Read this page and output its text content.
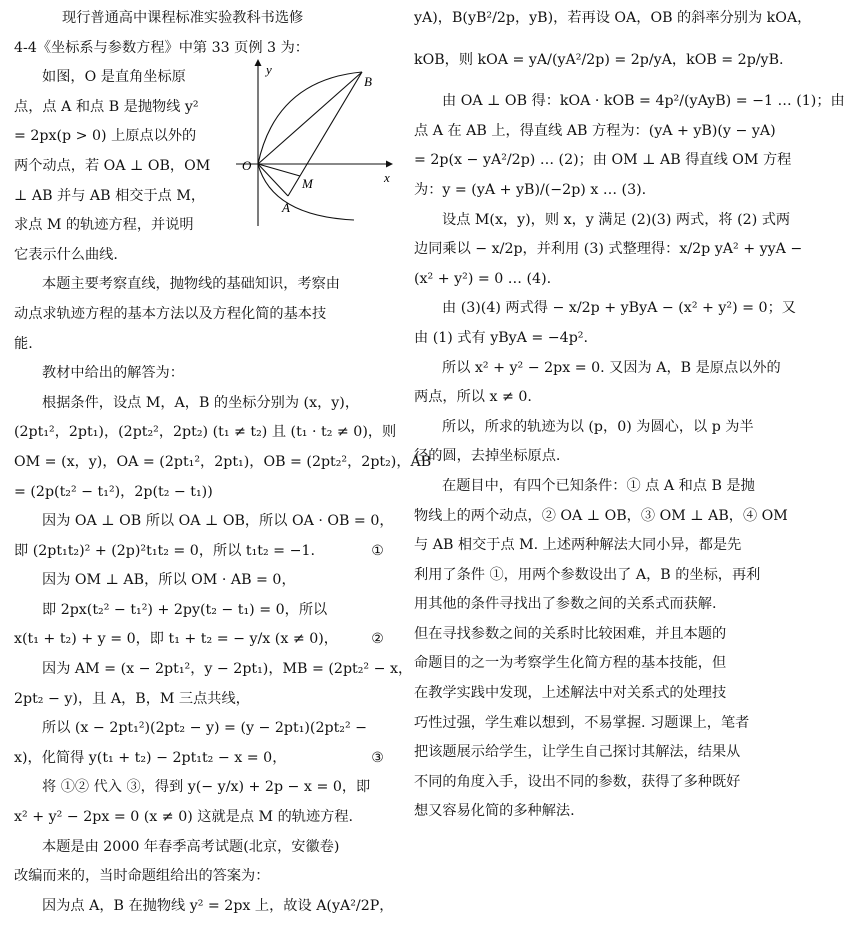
现行普通高中课程标准实验教科书选修

4-4《坐标系与参数方程》中第 33 页例 3 为：

如图，O 是直角坐标原

点，点 A 和点 B 是抛物线 y²

= 2px(p > 0) 上原点以外的

两个动点，若 OA ⊥ OB，OM

⊥ AB 并与 AB 相交于点 M，

求点 M 的轨迹方程，并说明

它表示什么曲线.

本题主要考察直线，抛物线的基础知识，考察由

动点求轨迹方程的基本方法以及方程化简的基本技

能.

教材中给出的解答为：

根据条件，设点 M，A，B 的坐标分别为 (x，y)，

(2pt₁²，2pt₁)，(2pt₂²，2pt₂) (t₁ ≠ t₂) 且 (t₁ · t₂ ≠ 0)，则

OM = (x，y)，OA = (2pt₁²，2pt₁)，OB = (2pt₂²，2pt₂)，AB

= (2p(t₂² − t₁²)，2p(t₂ − t₁))

因为 OA ⊥ OB 所以 OA ⊥ OB，所以 OA · OB = 0，

①
即 (2pt₁t₂)² + (2p)²t₁t₂ = 0，所以 t₁t₂ = −1.

因为 OM ⊥ AB，所以 OM · AB = 0，

即 2px(t₂² − t₁²) + 2py(t₂ − t₁) = 0，所以

②
x(t₁ + t₂) + y = 0，即 t₁ + t₂ = − y/x (x ≠ 0)，

因为 AM = (x − 2pt₁²，y − 2pt₁)，MB = (2pt₂² − x，

2pt₂ − y)，且 A，B，M 三点共线，

所以 (x − 2pt₁²)(2pt₂ − y) = (y − 2pt₁)(2pt₂² −

③
x)，化简得 y(t₁ + t₂) − 2pt₁t₂ − x = 0，

将 ①② 代入 ③，得到 y(− y/x) + 2p − x = 0，即

x² + y² − 2px = 0 (x ≠ 0) 这就是点 M 的轨迹方程.

本题是由 2000 年春季高考试题(北京，安徽卷)

改编而来的，当时命题组给出的答案为：

因为点 A，B 在抛物线 y² = 2px 上，故设 A(yA²/2P，

y
x
O
B
M
A

yA)，B(yB²/2p，yB)，若再设 OA，OB 的斜率分别为 kOA，

kOB，则 kOA = yA/(yA²/2p) = 2p/yA，kOB = 2p/yB.

由 OA ⊥ OB 得：kOA · kOB = 4p²/(yAyB) = −1 … (1)；由

点 A 在 AB 上，得直线 AB 方程为：(yA + yB)(y − yA)

= 2p(x − yA²/2p) … (2)；由 OM ⊥ AB 得直线 OM 方程

为：y = (yA + yB)/(−2p) x … (3).

设点 M(x，y)，则 x，y 满足 (2)(3) 两式，将 (2) 式两

边同乘以 − x/2p，并利用 (3) 式整理得：x/2p yA² + yyA −

(x² + y²) = 0 … (4).

由 (3)(4) 两式得 − x/2p + yByA − (x² + y²) = 0；又

由 (1) 式有 yByA = −4p².

所以 x² + y² − 2px = 0. 又因为 A，B 是原点以外的

两点，所以 x ≠ 0.

所以，所求的轨迹为以 (p，0) 为圆心，以 p 为半

径的圆，去掉坐标原点.

在题目中，有四个已知条件：① 点 A 和点 B 是抛

物线上的两个动点，② OA ⊥ OB，③ OM ⊥ AB，④ OM

与 AB 相交于点 M. 上述两种解法大同小异，都是先

利用了条件 ①，用两个参数设出了 A，B 的坐标，再利

用其他的条件寻找出了参数之间的关系式而获解.

但在寻找参数之间的关系时比较困难，并且本题的

命题目的之一为考察学生化简方程的基本技能，但

在教学实践中发现，上述解法中对关系式的处理技

巧性过强，学生难以想到，不易掌握. 习题课上，笔者

把该题展示给学生，让学生自己探讨其解法，结果从

不同的角度入手，设出不同的参数，获得了多种既好

想又容易化简的多种解法.
